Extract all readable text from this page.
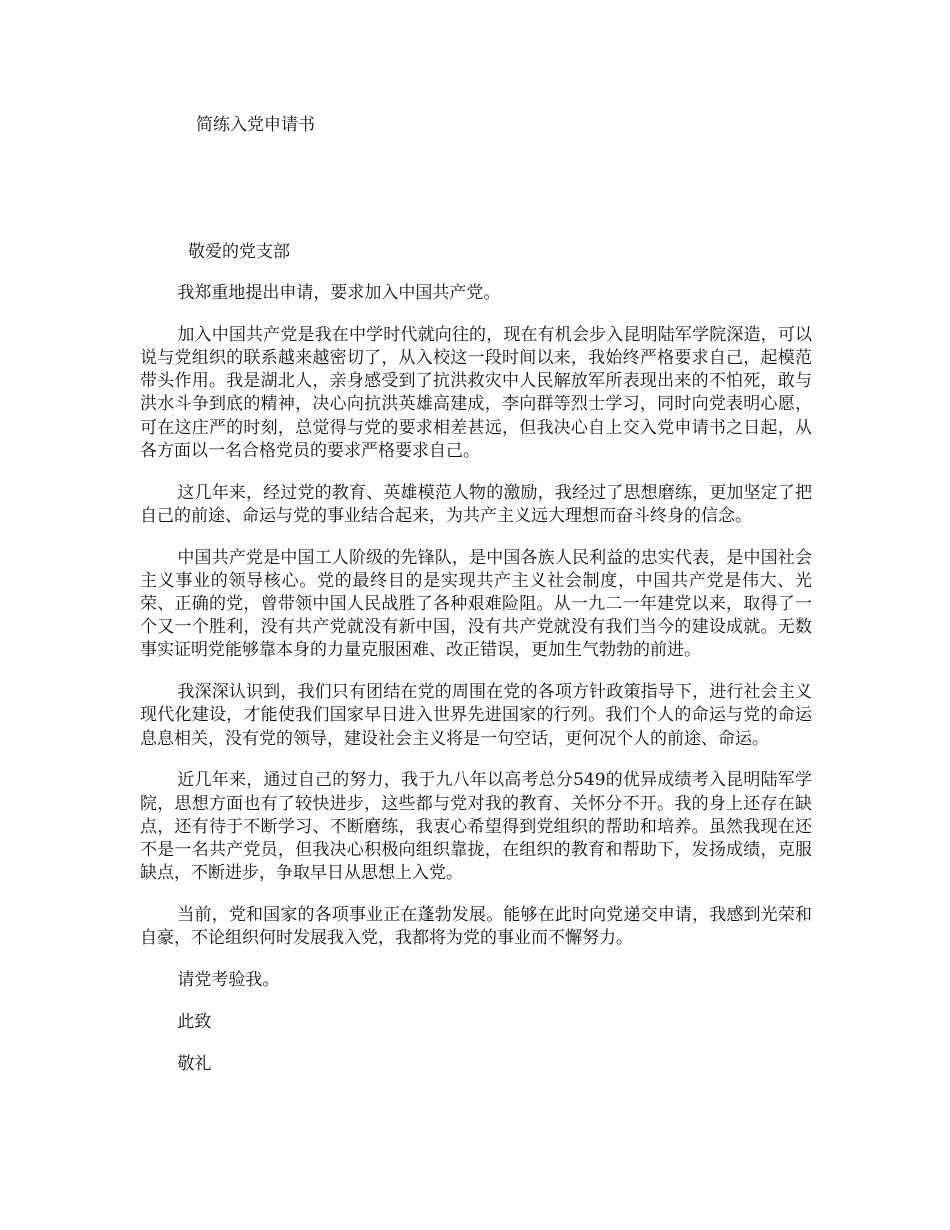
简练入党申请书
敬爱的党支部

我郑重地提出申请，要求加入中国共产党。

加入中国共产党是我在中学时代就向往的，现在有机会步入昆明陆军学院深造，可以说与党组织的联系越来越密切了，从入校这一段时间以来，我始终严格要求自己，起模范带头作用。我是湖北人，亲身感受到了抗洪救灾中人民解放军所表现出来的不怕死，敢与洪水斗争到底的精神，决心向抗洪英雄高建成，李向群等烈士学习，同时向党表明心愿，可在这庄严的时刻，总觉得与党的要求相差甚远，但我决心自上交入党申请书之日起，从各方面以一名合格党员的要求严格要求自己。

这几年来，经过党的教育、英雄模范人物的激励，我经过了思想磨练，更加坚定了把自己的前途、命运与党的事业结合起来，为共产主义远大理想而奋斗终身的信念。

中国共产党是中国工人阶级的先锋队，是中国各族人民利益的忠实代表，是中国社会主义事业的领导核心。党的最终目的是实现共产主义社会制度，中国共产党是伟大、光荣、正确的党，曾带领中国人民战胜了各种艰难险阻。从一九二一年建党以来，取得了一个又一个胜利，没有共产党就没有新中国，没有共产党就没有我们当今的建设成就。无数事实证明党能够靠本身的力量克服困难、改正错误，更加生气勃勃的前进。

我深深认识到，我们只有团结在党的周围在党的各项方针政策指导下，进行社会主义现代化建设，才能使我们国家早日进入世界先进国家的行列。我们个人的命运与党的命运息息相关，没有党的领导，建设社会主义将是一句空话，更何况个人的前途、命运。

近几年来，通过自己的努力，我于九八年以高考总分549的优异成绩考入昆明陆军学院，思想方面也有了较快进步，这些都与党对我的教育、关怀分不开。我的身上还存在缺点，还有待于不断学习、不断磨练，我衷心希望得到党组织的帮助和培养。虽然我现在还不是一名共产党员，但我决心积极向组织靠拢，在组织的教育和帮助下，发扬成绩，克服缺点，不断进步，争取早日从思想上入党。

当前，党和国家的各项事业正在蓬勃发展。能够在此时向党递交申请，我感到光荣和自豪，不论组织何时发展我入党，我都将为党的事业而不懈努力。

请党考验我。

此致

敬礼
